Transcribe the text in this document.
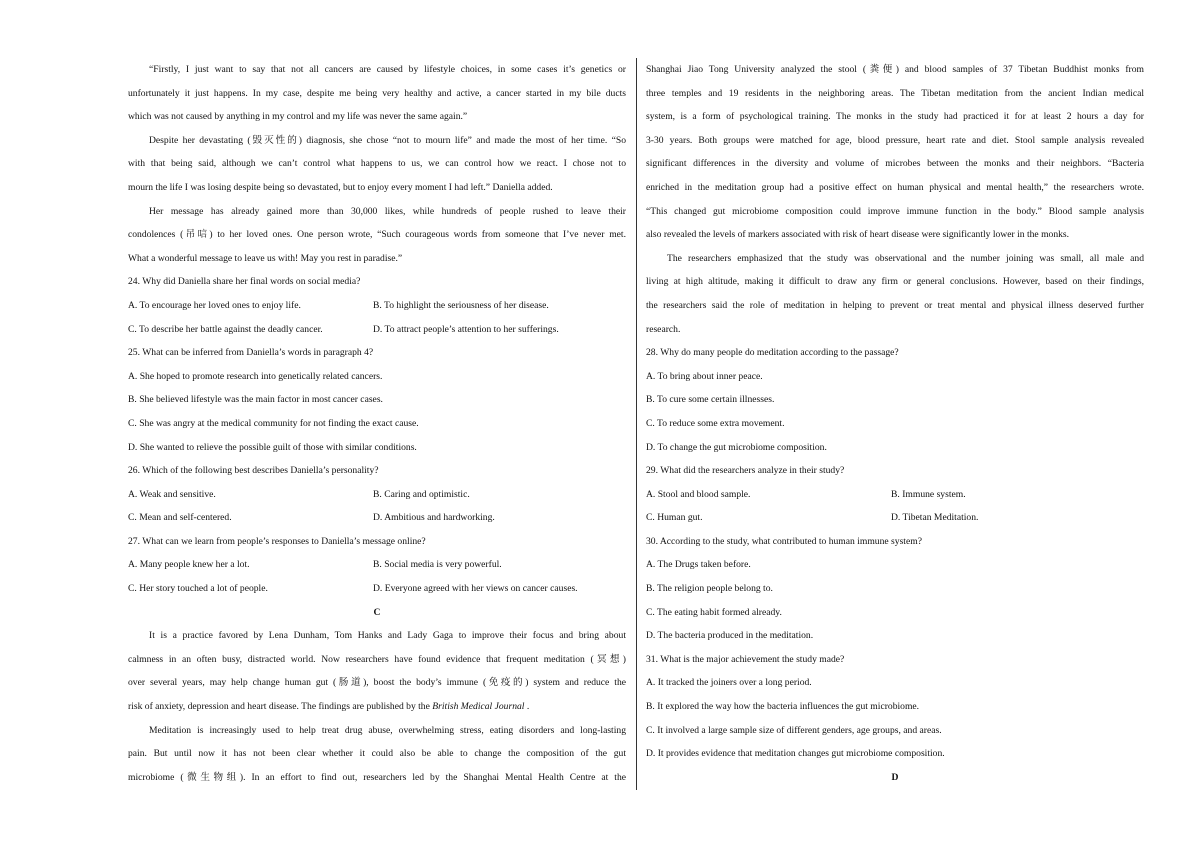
“Firstly, I just want to say that not all cancers are caused by lifestyle choices, in some cases it’s genetics or
unfortunately it just happens. In my case, despite me being very healthy and active, a cancer started in my bile ducts
which was not caused by anything in my control and my life was never the same again.”
Despite her devastating (毁灭性的) diagnosis, she chose “not to mourn life” and made the most of her time. “So
with that being said, although we can’t control what happens to us, we can control how we react. I chose not to
mourn the life I was losing despite being so devastated, but to enjoy every moment I had left.” Daniella added.
Her message has already gained more than 30,000 likes, while hundreds of people rushed to leave their
condolences (吊唁) to her loved ones. One person wrote, “Such courageous words from someone that I’ve never met.
What a wonderful message to leave us with! May you rest in paradise.”
24. Why did Daniella share her final words on social media?
A. To encourage her loved ones to enjoy life.	B. To highlight the seriousness of her disease.
C. To describe her battle against the deadly cancer.	D. To attract people’s attention to her sufferings.
25. What can be inferred from Daniella’s words in paragraph 4?
A. She hoped to promote research into genetically related cancers.
B. She believed lifestyle was the main factor in most cancer cases.
C. She was angry at the medical community for not finding the exact cause.
D. She wanted to relieve the possible guilt of those with similar conditions.
26. Which of the following best describes Daniella’s personality?
A. Weak and sensitive.	B. Caring and optimistic.
C. Mean and self-centered.	D. Ambitious and hardworking.
27. What can we learn from people’s responses to Daniella’s message online?
A. Many people knew her a lot.	B. Social media is very powerful.
C. Her story touched a lot of people.	D. Everyone agreed with her views on cancer causes.
C
It is a practice favored by Lena Dunham, Tom Hanks and Lady Gaga to improve their focus and bring about
calmness in an often busy, distracted world. Now researchers have found evidence that frequent meditation (冥想)
over several years, may help change human gut (肠道), boost the body’s immune (免疫的) system and reduce the
risk of anxiety, depression and heart disease. The findings are published by the British Medical Journal .
Meditation is increasingly used to help treat drug abuse, overwhelming stress, eating disorders and long-lasting
pain. But until now it has not been clear whether it could also be able to change the composition of the gut
microbiome (微生物组). In an effort to find out, researchers led by the Shanghai Mental Health Centre at the
Shanghai Jiao Tong University analyzed the stool (粪便) and blood samples of 37 Tibetan Buddhist monks from
three temples and 19 residents in the neighboring areas. The Tibetan meditation from the ancient Indian medical
system, is a form of psychological training. The monks in the study had practiced it for at least 2 hours a day for
3-30 years. Both groups were matched for age, blood pressure, heart rate and diet. Stool sample analysis revealed
significant differences in the diversity and volume of microbes between the monks and their neighbors. “Bacteria
enriched in the meditation group had a positive effect on human physical and mental health,” the researchers wrote.
“This changed gut microbiome composition could improve immune function in the body.” Blood sample analysis
also revealed the levels of markers associated with risk of heart disease were significantly lower in the monks.
The researchers emphasized that the study was observational and the number joining was small, all male and
living at high altitude, making it difficult to draw any firm or general conclusions. However, based on their findings,
the researchers said the role of meditation in helping to prevent or treat mental and physical illness deserved further
research.
28. Why do many people do meditation according to the passage?
A. To bring about inner peace.
B. To cure some certain illnesses.
C. To reduce some extra movement.
D. To change the gut microbiome composition.
29. What did the researchers analyze in their study?
A. Stool and blood sample.	B. Immune system.
C. Human gut.	D. Tibetan Meditation.
30. According to the study, what contributed to human immune system?
A. The Drugs taken before.
B. The religion people belong to.
C. The eating habit formed already.
D. The bacteria produced in the meditation.
31. What is the major achievement the study made?
A. It tracked the joiners over a long period.
B. It explored the way how the bacteria influences the gut microbiome.
C. It involved a large sample size of different genders, age groups, and areas.
D. It provides evidence that meditation changes gut microbiome composition.
D
